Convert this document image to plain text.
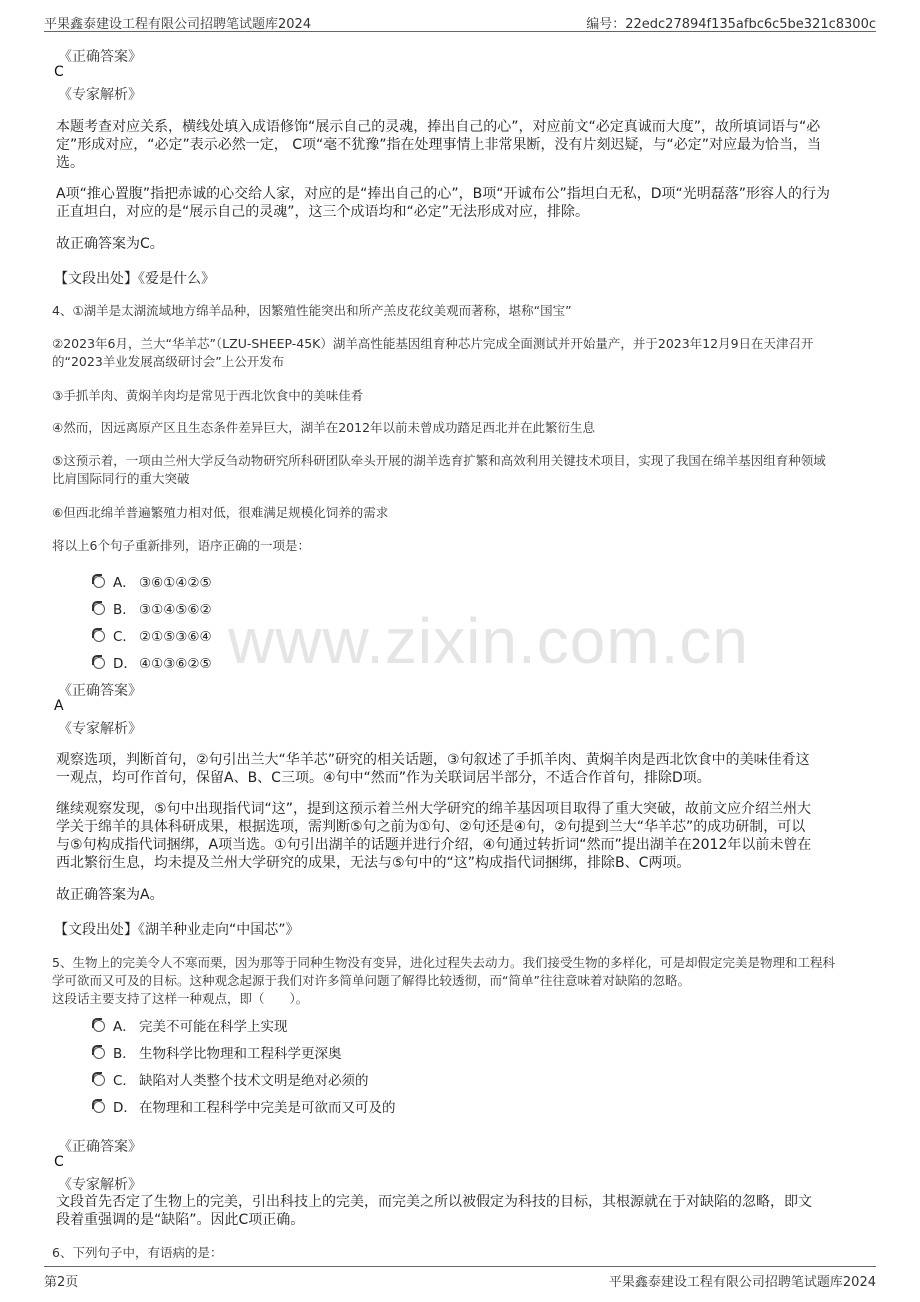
平果鑫泰建设工程有限公司招聘笔试题库2024	编号：22edc27894f135afbc6c5be321c8300c
www.zixin.com.cn
《正确答案》
C
《专家解析》
本题考查对应关系，横线处填入成语修饰“展示自己的灵魂，捧出自己的心”，对应前文“必定真诚而大度”，故所填词语与“必
定”形成对应，“必定”表示必然一定， C项“毫不犹豫”指在处理事情上非常果断，没有片刻迟疑，与“必定”对应最为恰当，当
选。
A项“推心置腹”指把赤诚的心交给人家，对应的是“捧出自己的心”，B项“开诚布公”指坦白无私，D项“光明磊落”形容人的行为
正直坦白，对应的是“展示自己的灵魂”，这三个成语均和“必定”无法形成对应，排除。
故正确答案为C。
【文段出处】《爱是什么》
4、①湖羊是太湖流域地方绵羊品种，因繁殖性能突出和所产羔皮花纹美观而著称，堪称“国宝”
②2023年6月，兰大“华羊芯”（LZU-SHEEP-45K）湖羊高性能基因组育种芯片完成全面测试并开始量产，并于2023年12月9日在天津召开
的“2023羊业发展高级研讨会”上公开发布
③手抓羊肉、黄焖羊肉均是常见于西北饮食中的美味佳肴
④然而，因远离原产区且生态条件差异巨大，湖羊在2012年以前未曾成功踏足西北并在此繁衍生息
⑤这预示着，一项由兰州大学反刍动物研究所科研团队牵头开展的湖羊选育扩繁和高效利用关键技术项目，实现了我国在绵羊基因组育种领域
比肩国际同行的重大突破
⑥但西北绵羊普遍繁殖力相对低，很难满足规模化饲养的需求
将以上6个句子重新排列，语序正确的一项是：
A． ③⑥①④②⑤
B． ③①④⑤⑥②
C． ②①⑤③⑥④
D． ④①③⑥②⑤
《正确答案》
A
《专家解析》
观察选项，判断首句，②句引出兰大“华羊芯”研究的相关话题，③句叙述了手抓羊肉、黄焖羊肉是西北饮食中的美味佳肴这
一观点，均可作首句，保留A、B、C三项。④句中“然而”作为关联词居半部分，不适合作首句，排除D项。
继续观察发现，⑤句中出现指代词“这”，提到这预示着兰州大学研究的绵羊基因项目取得了重大突破，故前文应介绍兰州大
学关于绵羊的具体科研成果，根据选项，需判断⑤句之前为①句、②句还是④句，②句提到兰大“华羊芯”的成功研制，可以
与⑤句构成指代词捆绑，A项当选。①句引出湖羊的话题并进行介绍，④句通过转折词“然而”提出湖羊在2012年以前未曾在
西北繁衍生息，均未提及兰州大学研究的成果，无法与⑤句中的“这”构成指代词捆绑，排除B、C两项。
故正确答案为A。
【文段出处】《湖羊种业走向“中国芯”》
5、生物上的完美令人不寒而栗，因为那等于同种生物没有变异，进化过程失去动力。我们接受生物的多样化，可是却假定完美是物理和工程科
学可欲而又可及的目标。这种观念起源于我们对许多简单问题了解得比较透彻，而“简单”往往意味着对缺陷的忽略。
这段话主要支持了这样一种观点，即（　　）。
A． 完美不可能在科学上实现
B． 生物科学比物理和工程科学更深奥
C． 缺陷对人类整个技术文明是绝对必须的
D． 在物理和工程科学中完美是可欲而又可及的
《正确答案》
C
《专家解析》
文段首先否定了生物上的完美，引出科技上的完美，而完美之所以被假定为科技的目标，其根源就在于对缺陷的忽略，即文
段着重强调的是“缺陷”。因此C项正确。
6、下列句子中，有语病的是：
第2页	平果鑫泰建设工程有限公司招聘笔试题库2024
